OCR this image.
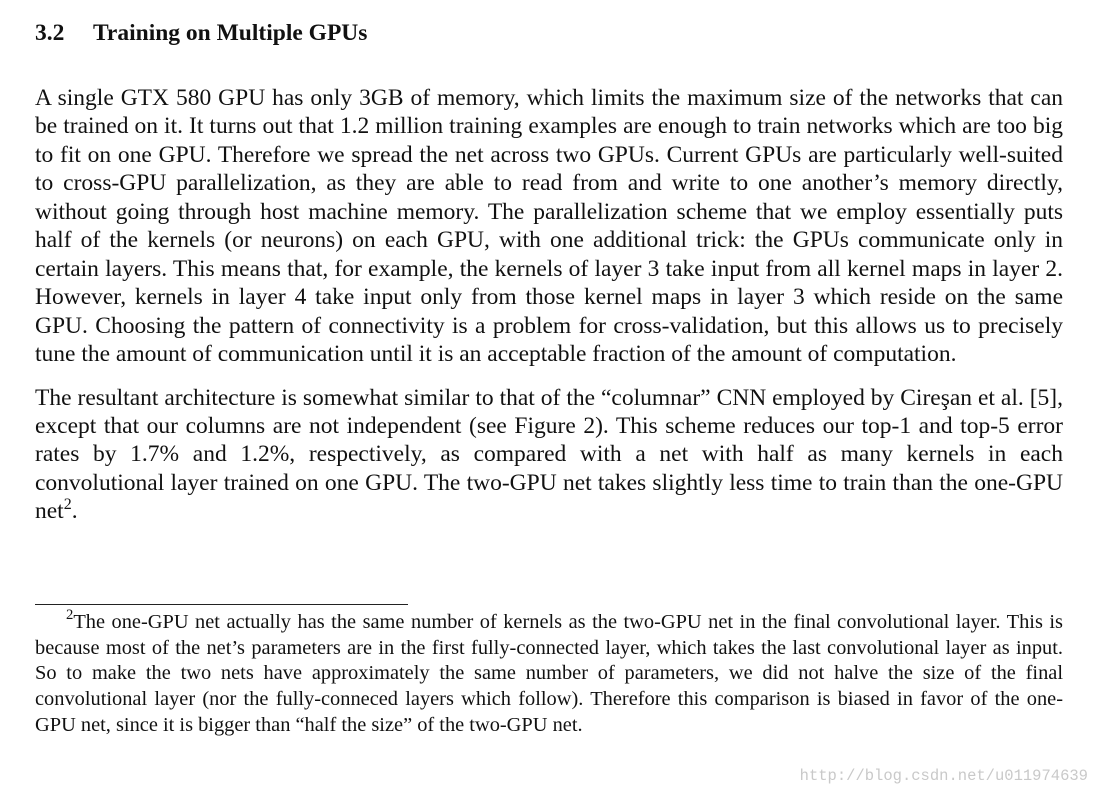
3.2 Training on Multiple GPUs

A single GTX 580 GPU has only 3GB of memory, which limits the maximum size of the networks that can be trained on it. It turns out that 1.2 million training examples are enough to train networks which are too big to fit on one GPU. Therefore we spread the net across two GPUs. Current GPUs are particularly well-suited to cross-GPU parallelization, as they are able to read from and write to one another’s memory directly, without going through host machine memory. The parallelization scheme that we employ essentially puts half of the kernels (or neurons) on each GPU, with one additional trick: the GPUs communicate only in certain layers. This means that, for example, the kernels of layer 3 take input from all kernel maps in layer 2. However, kernels in layer 4 take input only from those kernel maps in layer 3 which reside on the same GPU. Choosing the pattern of connectivity is a problem for cross-validation, but this allows us to precisely tune the amount of communication until it is an acceptable fraction of the amount of computation.

The resultant architecture is somewhat similar to that of the “columnar” CNN employed by Cireşan et al. [5], except that our columns are not independent (see Figure 2). This scheme reduces our top-1 and top-5 error rates by 1.7% and 1.2%, respectively, as compared with a net with half as many kernels in each convolutional layer trained on one GPU. The two-GPU net takes slightly less time to train than the one-GPU net$^2$.

$^2$The one-GPU net actually has the same number of kernels as the two-GPU net in the final convolutional layer. This is because most of the net’s parameters are in the first fully-connected layer, which takes the last convolutional layer as input. So to make the two nets have approximately the same number of parameters, we did not halve the size of the final convolutional layer (nor the fully-conneced layers which follow). Therefore this comparison is biased in favor of the one-GPU net, since it is bigger than “half the size” of the two-GPU net.

http://blog.csdn.net/u011974639
